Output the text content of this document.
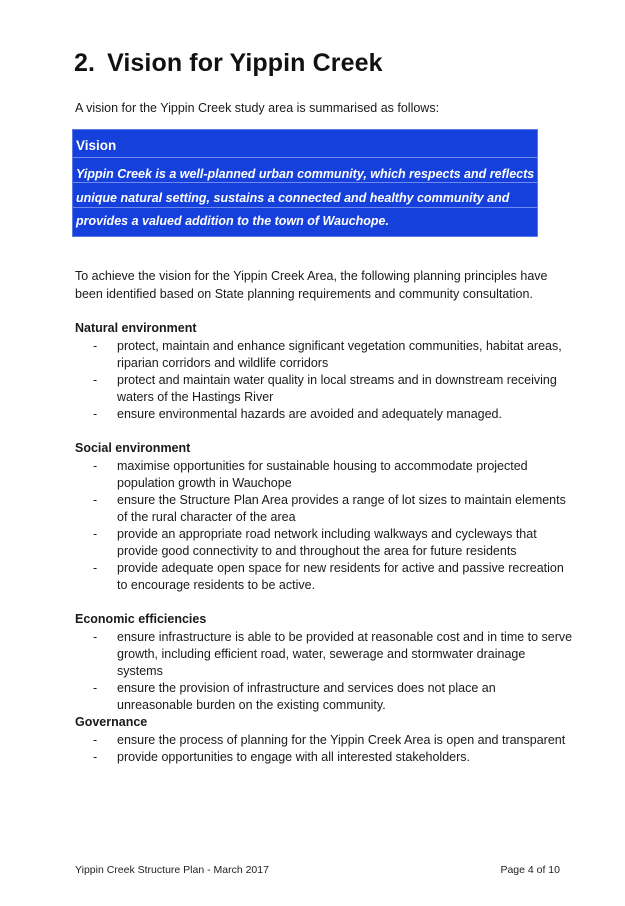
2. Vision for Yippin Creek

A vision for the Yippin Creek study area is summarised as follows:

Vision
Yippin Creek is a well-planned urban community, which respects and reflects it’s
unique natural setting, sustains a connected and healthy community and
provides a valued addition to the town of Wauchope.

To achieve the vision for the Yippin Creek Area, the following planning principles have been identified based on State planning requirements and community consultation.

Natural environment
- protect, maintain and enhance significant vegetation communities, habitat areas, riparian corridors and wildlife corridors
- protect and maintain water quality in local streams and in downstream receiving waters of the Hastings River
- ensure environmental hazards are avoided and adequately managed.
Social environment
- maximise opportunities for sustainable housing to accommodate projected population growth in Wauchope
- ensure the Structure Plan Area provides a range of lot sizes to maintain elements of the rural character of the area
- provide an appropriate road network including walkways and cycleways that provide good connectivity to and throughout the area for future residents
- provide adequate open space for new residents for active and passive recreation to encourage residents to be active.
Economic efficiencies
- ensure infrastructure is able to be provided at reasonable cost and in time to serve growth, including efficient road, water, sewerage and stormwater drainage systems
- ensure the provision of infrastructure and services does not place an unreasonable burden on the existing community.
Governance
- ensure the process of planning for the Yippin Creek Area is open and transparent
- provide opportunities to engage with all interested stakeholders.

Yippin Creek Structure Plan - March 2017	Page 4 of 10
